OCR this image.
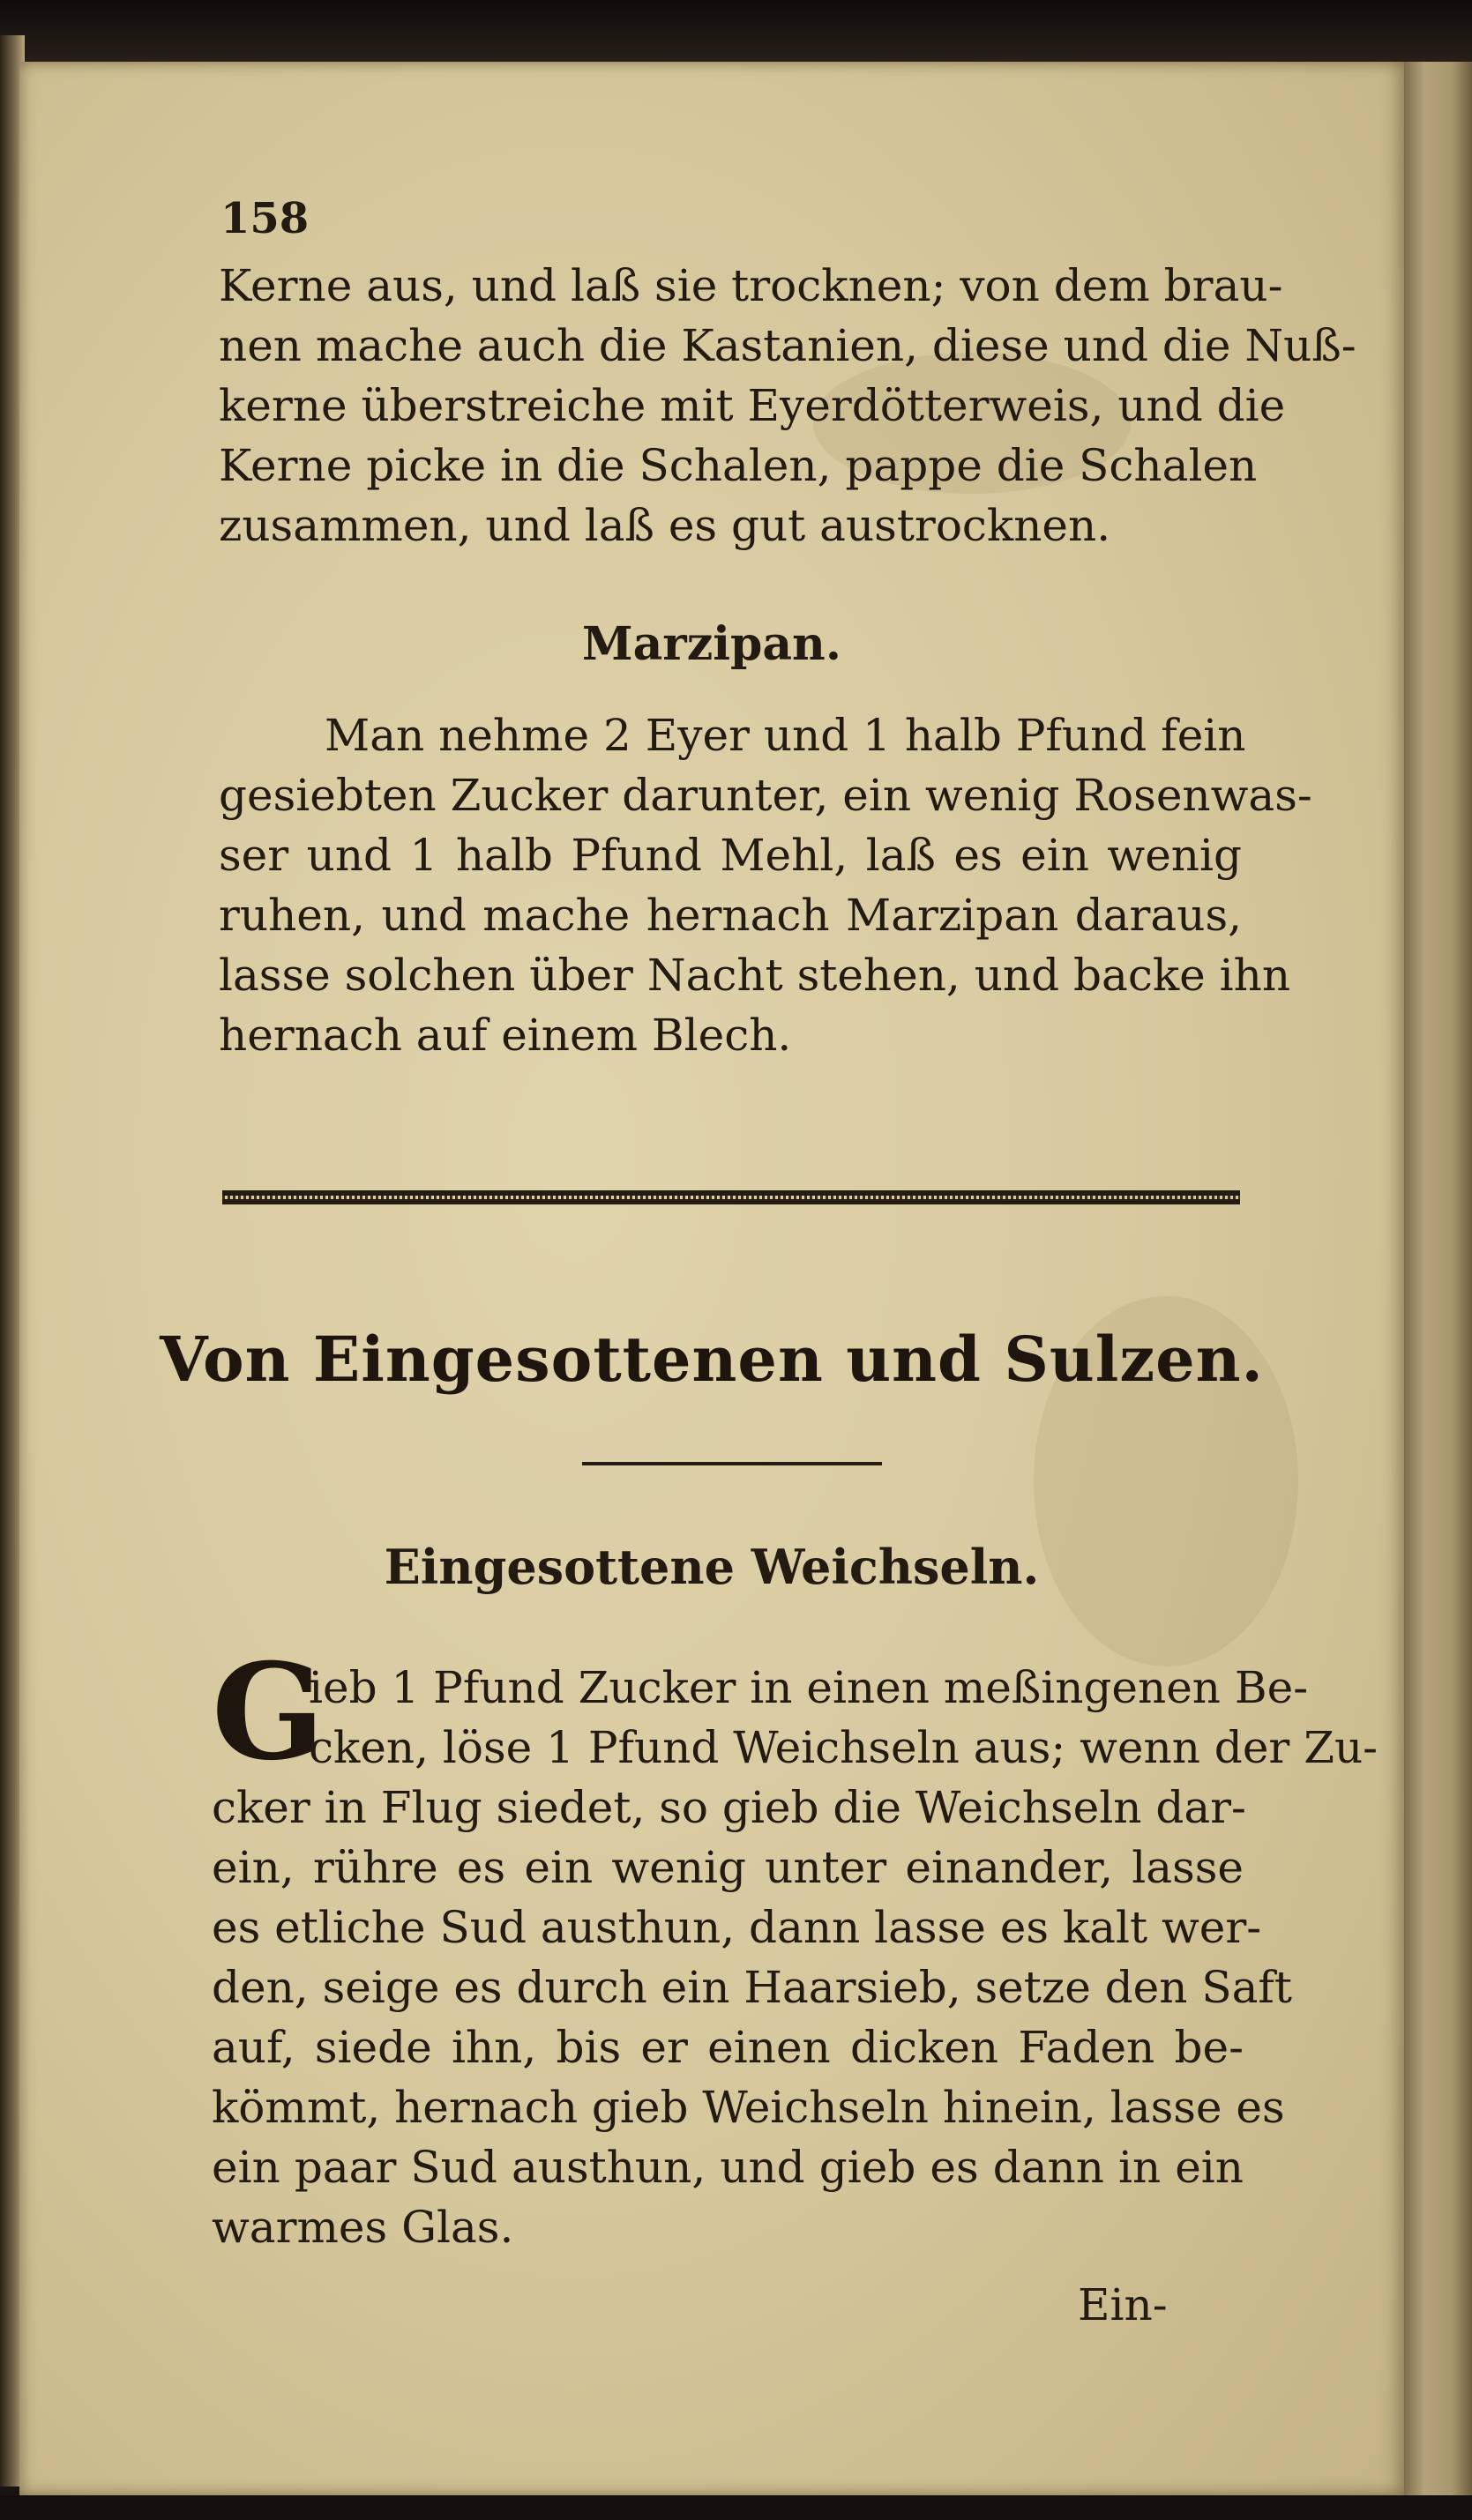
158
Kerne aus, und laß sie trocknen; von dem brau-
nen mache auch die Kastanien, diese und die Nuß-
kerne überstreiche mit Eyerdötterweis, und die
Kerne picke in die Schalen, pappe die Schalen
zusammen, und laß es gut austrocknen.
Marzipan.
Man nehme 2 Eyer und 1 halb Pfund fein
gesiebten Zucker darunter, ein wenig Rosenwas-
ser und 1 halb Pfund Mehl, laß es ein wenig
ruhen, und mache hernach Marzipan daraus,
lasse solchen über Nacht stehen, und backe ihn
hernach auf einem Blech.
Von Eingesottenen und Sulzen.
Eingesottene Weichseln.
G
ieb 1 Pfund Zucker in einen meßingenen Be-
cken, löse 1 Pfund Weichseln aus; wenn der Zu-
cker in Flug siedet, so gieb die Weichseln dar-
ein, rühre es ein wenig unter einander, lasse
es etliche Sud austhun, dann lasse es kalt wer-
den, seige es durch ein Haarsieb, setze den Saft
auf, siede ihn, bis er einen dicken Faden be-
kömmt, hernach gieb Weichseln hinein, lasse es
ein paar Sud austhun, und gieb es dann in ein
warmes Glas.
Ein-
